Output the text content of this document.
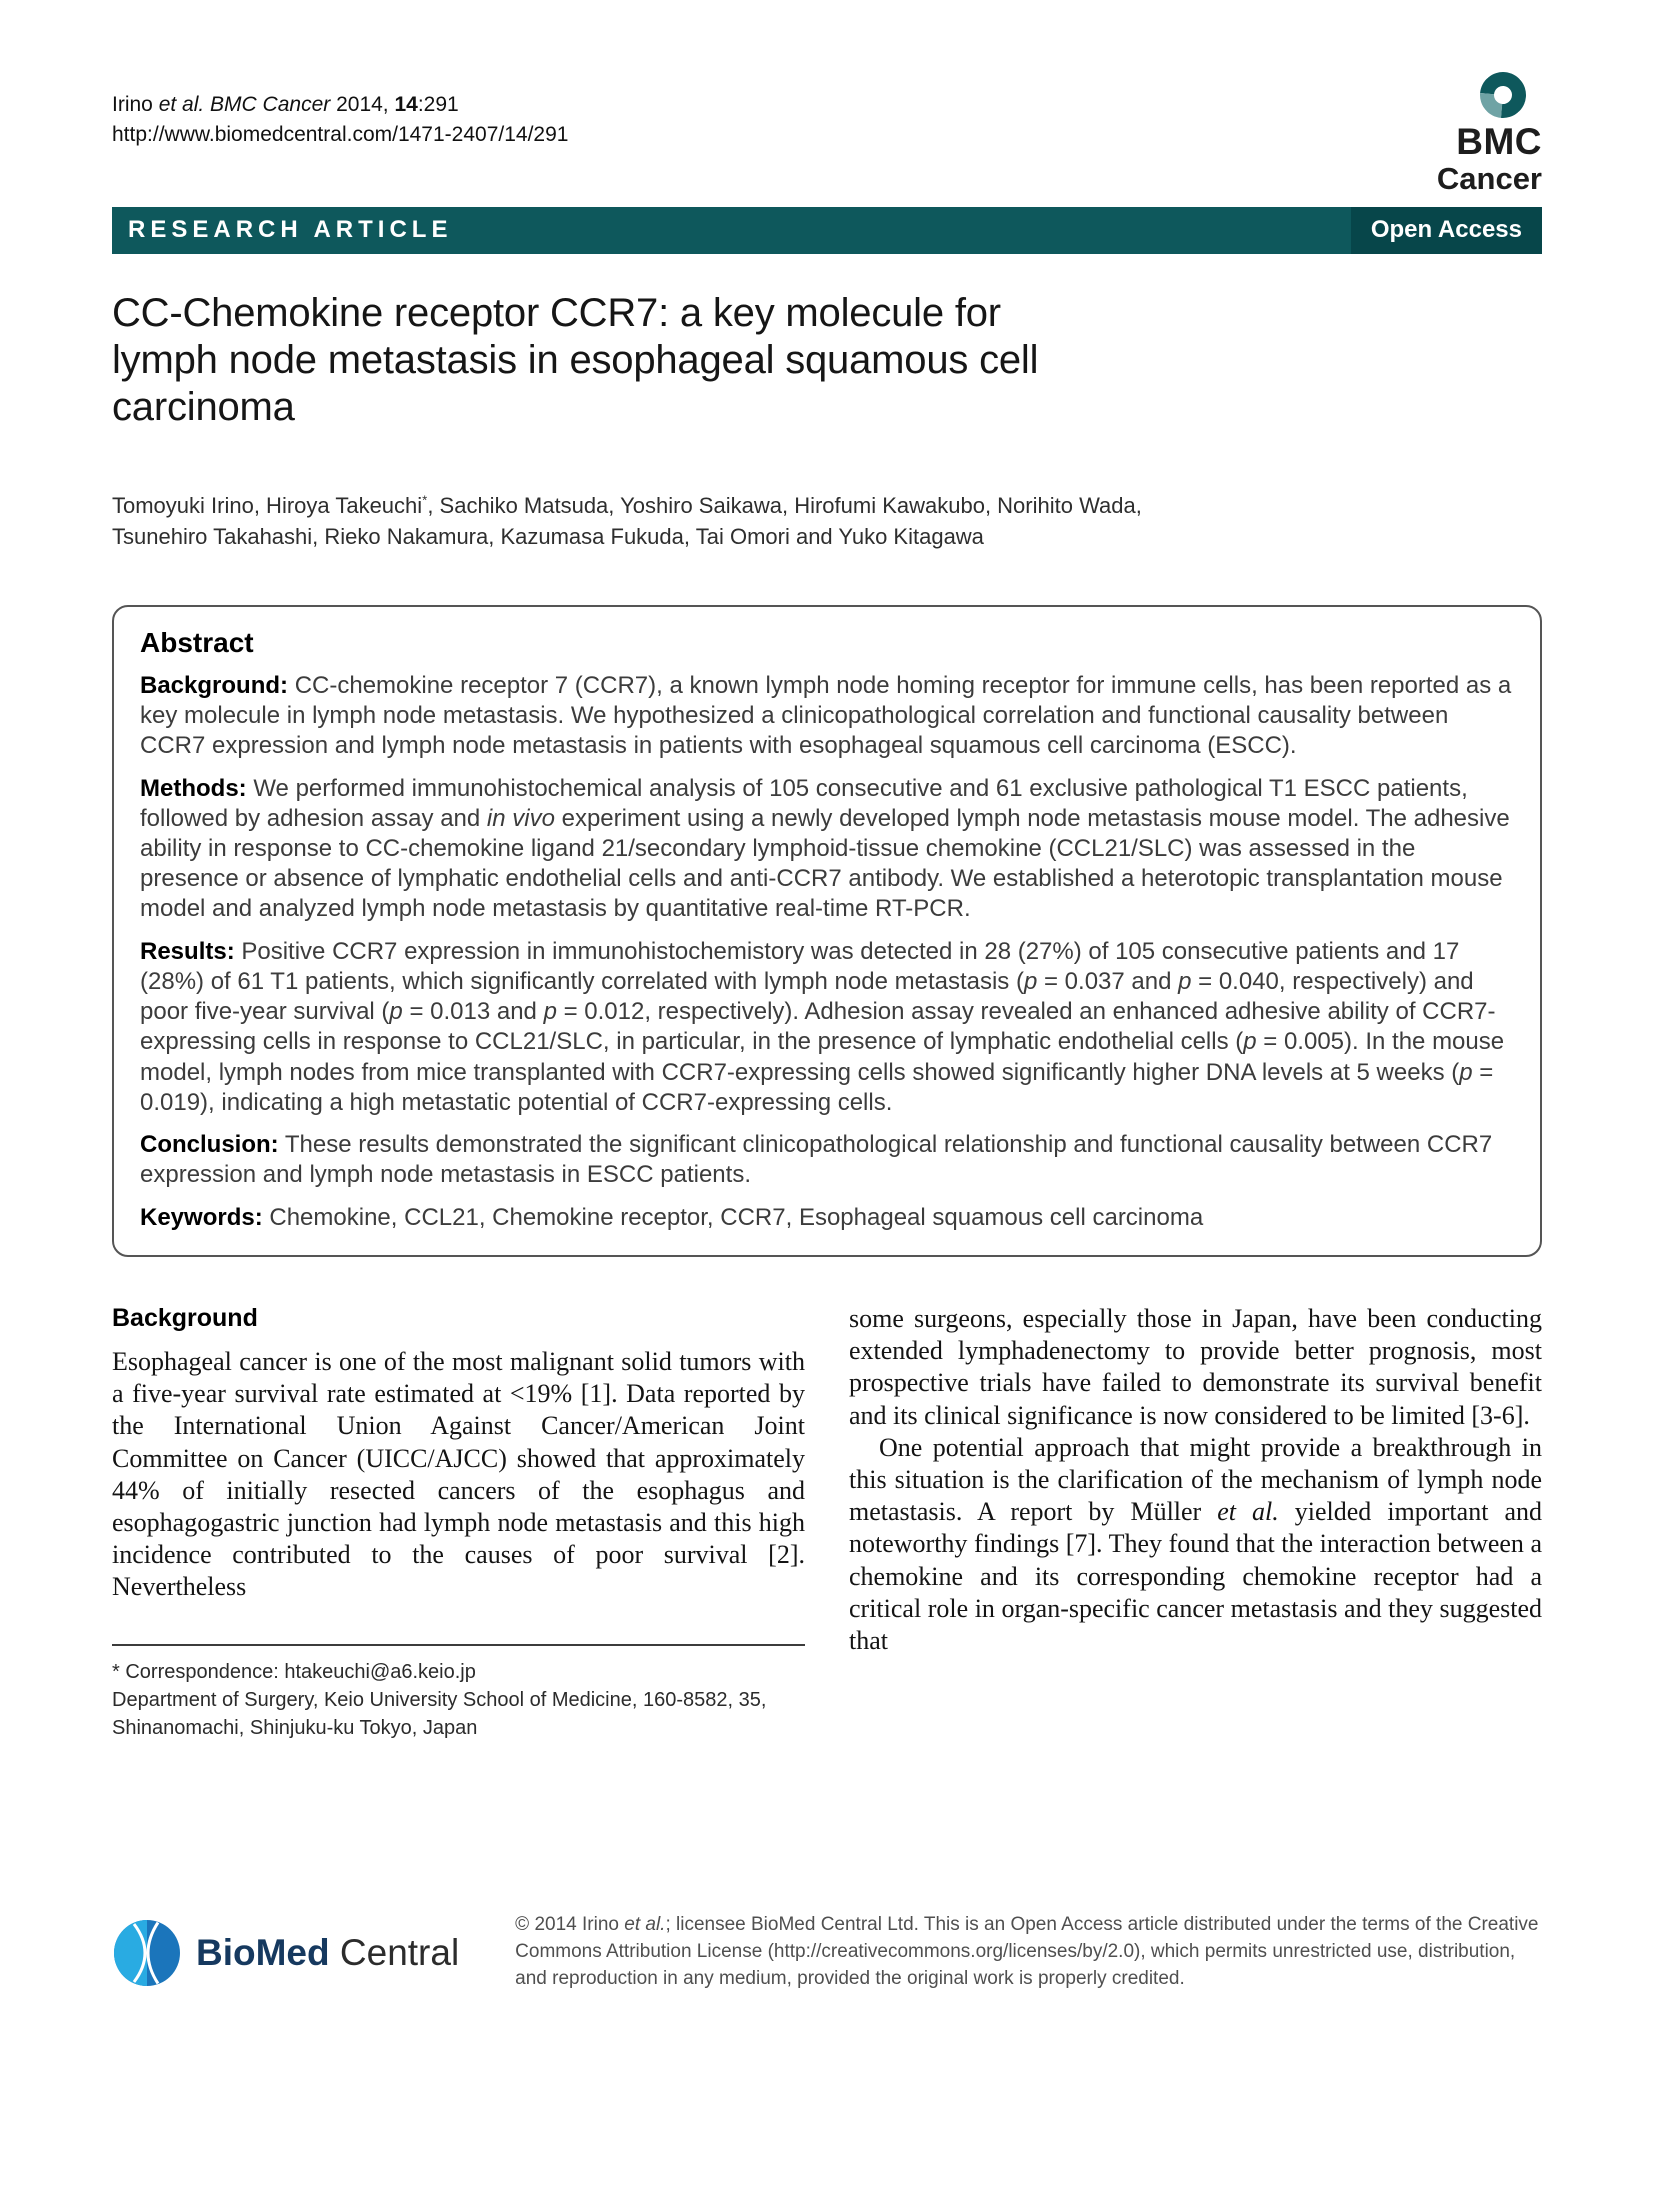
Irino et al. BMC Cancer 2014, 14:291
http://www.biomedcentral.com/1471-2407/14/291	BMC
Cancer
RESEARCH ARTICLE	Open Access
CC-Chemokine receptor CCR7: a key molecule for lymph node metastasis in esophageal squamous cell carcinoma

Tomoyuki Irino, Hiroya Takeuchi*, Sachiko Matsuda, Yoshiro Saikawa, Hirofumi Kawakubo, Norihito Wada, Tsunehiro Takahashi, Rieko Nakamura, Kazumasa Fukuda, Tai Omori and Yuko Kitagawa

Abstract

Background: CC-chemokine receptor 7 (CCR7), a known lymph node homing receptor for immune cells, has been reported as a key molecule in lymph node metastasis. We hypothesized a clinicopathological correlation and functional causality between CCR7 expression and lymph node metastasis in patients with esophageal squamous cell carcinoma (ESCC).

Methods: We performed immunohistochemical analysis of 105 consecutive and 61 exclusive pathological T1 ESCC patients, followed by adhesion assay and in vivo experiment using a newly developed lymph node metastasis mouse model. The adhesive ability in response to CC-chemokine ligand 21/secondary lymphoid-tissue chemokine (CCL21/SLC) was assessed in the presence or absence of lymphatic endothelial cells and anti-CCR7 antibody. We established a heterotopic transplantation mouse model and analyzed lymph node metastasis by quantitative real-time RT-PCR.

Results: Positive CCR7 expression in immunohistochemistory was detected in 28 (27%) of 105 consecutive patients and 17 (28%) of 61 T1 patients, which significantly correlated with lymph node metastasis (p = 0.037 and p = 0.040, respectively) and poor five-year survival (p = 0.013 and p = 0.012, respectively). Adhesion assay revealed an enhanced adhesive ability of CCR7-expressing cells in response to CCL21/SLC, in particular, in the presence of lymphatic endothelial cells (p = 0.005). In the mouse model, lymph nodes from mice transplanted with CCR7-expressing cells showed significantly higher DNA levels at 5 weeks (p = 0.019), indicating a high metastatic potential of CCR7-expressing cells.

Conclusion: These results demonstrated the significant clinicopathological relationship and functional causality between CCR7 expression and lymph node metastasis in ESCC patients.

Keywords: Chemokine, CCL21, Chemokine receptor, CCR7, Esophageal squamous cell carcinoma

Background

Esophageal cancer is one of the most malignant solid tumors with a five-year survival rate estimated at <19% [1]. Data reported by the International Union Against Cancer/American Joint Committee on Cancer (UICC/AJCC) showed that approximately 44% of initially resected cancers of the esophagus and esophagogastric junction had lymph node metastasis and this high incidence contributed to the causes of poor survival [2]. Nevertheless

* Correspondence: htakeuchi@a6.keio.jp
Department of Surgery, Keio University School of Medicine, 160-8582, 35, Shinanomachi, Shinjuku-ku Tokyo, Japan

some surgeons, especially those in Japan, have been conducting extended lymphadenectomy to provide better prognosis, most prospective trials have failed to demonstrate its survival benefit and its clinical significance is now considered to be limited [3-6].

One potential approach that might provide a breakthrough in this situation is the clarification of the mechanism of lymph node metastasis. A report by Müller et al. yielded important and noteworthy findings [7]. They found that the interaction between a chemokine and its corresponding chemokine receptor had a critical role in organ-specific cancer metastasis and they suggested that

BioMed Central

© 2014 Irino et al.; licensee BioMed Central Ltd. This is an Open Access article distributed under the terms of the Creative Commons Attribution License (http://creativecommons.org/licenses/by/2.0), which permits unrestricted use, distribution, and reproduction in any medium, provided the original work is properly credited.
